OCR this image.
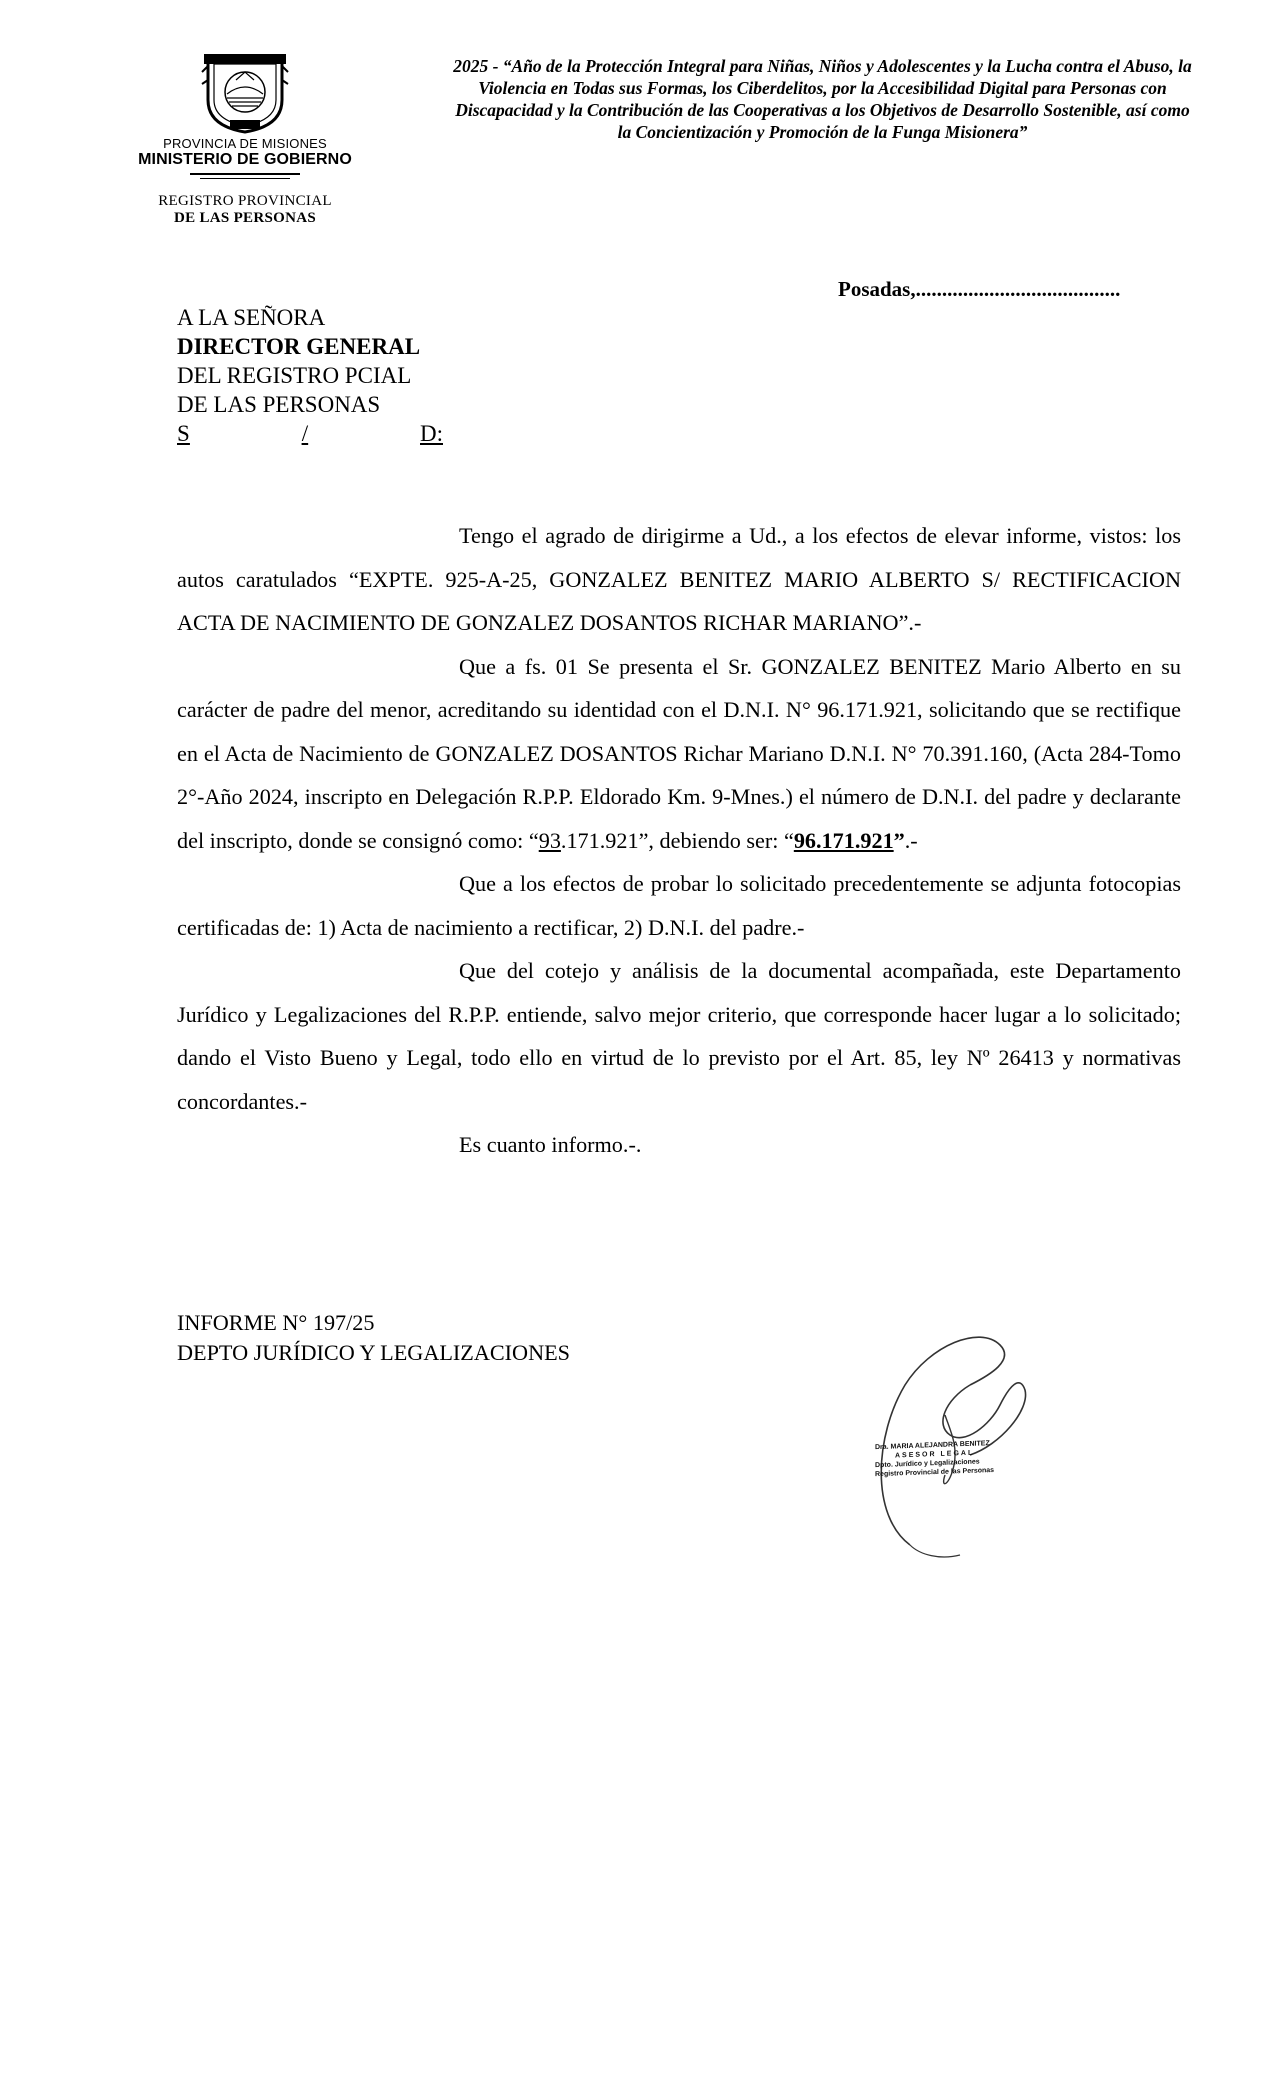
PROVINCIA DE MISIONES
MINISTERIO DE GOBIERNO
REGISTRO PROVINCIAL
DE LAS PERSONAS
2025 - “Año de la Protección Integral para Niñas, Niños y Adolescentes y la Lucha contra el Abuso, la Violencia en Todas sus Formas, los Ciberdelitos, por la Accesibilidad Digital para Personas con Discapacidad y la Contribución de las Cooperativas a los Objetivos de Desarrollo Sostenible, así como la Concientización y Promoción de la Funga Misionera”
Posadas,.......................................
A LA SEÑORA
DIRECTOR GENERAL
DEL REGISTRO PCIAL
DE LAS PERSONAS
S	/	D:

Tengo el agrado de dirigirme a Ud., a los efectos de elevar informe, vistos: los autos caratulados “EXPTE. 925-A-25, GONZALEZ BENITEZ MARIO ALBERTO S/ RECTIFICACION ACTA DE NACIMIENTO DE GONZALEZ DOSANTOS RICHAR MARIANO”.-

Que a fs. 01 Se presenta el Sr. GONZALEZ BENITEZ Mario Alberto en su carácter de padre del menor, acreditando su identidad con el D.N.I. N° 96.171.921, solicitando que se rectifique en el Acta de Nacimiento de GONZALEZ DOSANTOS Richar Mariano D.N.I. N° 70.391.160, (Acta 284-Tomo 2°-Año 2024, inscripto en Delegación R.P.P. Eldorado Km. 9-Mnes.) el número de D.N.I. del padre y declarante del inscripto, donde se consignó como: “93.171.921”, debiendo ser: “96.171.921”.-

Que a los efectos de probar lo solicitado precedentemente se adjunta fotocopias certificadas de: 1) Acta de nacimiento a rectificar, 2) D.N.I. del padre.-

Que del cotejo y análisis de la documental acompañada, este Departamento Jurídico y Legalizaciones del R.P.P. entiende, salvo mejor criterio, que corresponde hacer lugar a lo solicitado; dando el Visto Bueno y Legal, todo ello en virtud de lo previsto por el Art. 85, ley Nº 26413 y normativas concordantes.-

Es cuanto informo.-.

INFORME N° 197/25
DEPTO JURÍDICO Y LEGALIZACIONES
Dra. MARIA ALEJANDRA BENITEZ
ASESOR LEGAL
Dpto. Jurídico y Legalizaciones
Registro Provincial de las Personas
